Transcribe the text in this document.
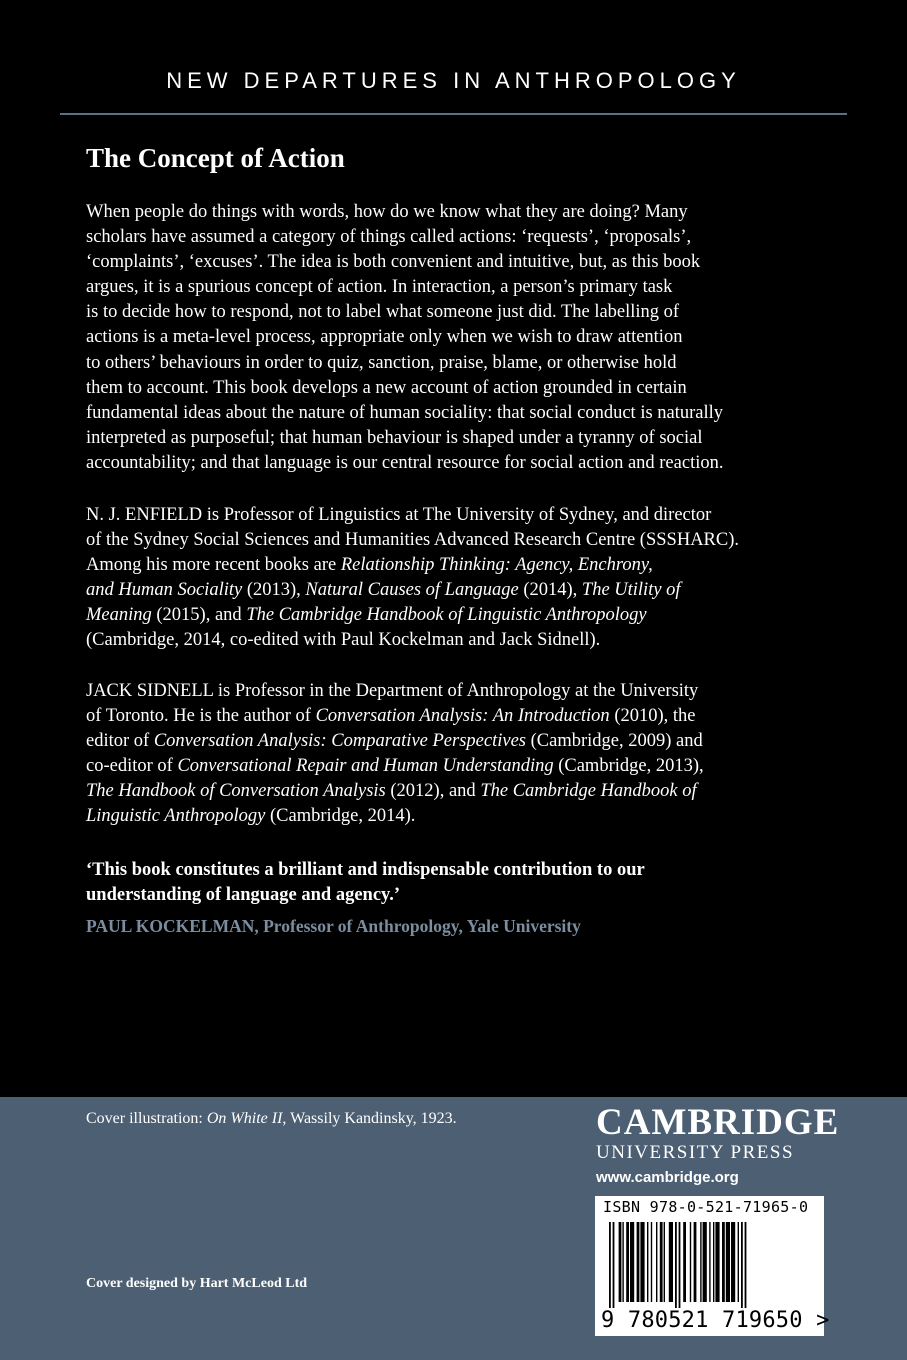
NEW DEPARTURES IN ANTHROPOLOGY
The Concept of Action
When people do things with words, how do we know what they are doing? Many
scholars have assumed a category of things called actions: ‘requests’, ‘proposals’,
‘complaints’, ‘excuses’. The idea is both convenient and intuitive, but, as this book
argues, it is a spurious concept of action. In interaction, a person’s primary task
is to decide how to respond, not to label what someone just did. The labelling of
actions is a meta-level process, appropriate only when we wish to draw attention
to others’ behaviours in order to quiz, sanction, praise, blame, or otherwise hold
them to account. This book develops a new account of action grounded in certain
fundamental ideas about the nature of human sociality: that social conduct is naturally
interpreted as purposeful; that human behaviour is shaped under a tyranny of social
accountability; and that language is our central resource for social action and reaction.
N. J. ENFIELD is Professor of Linguistics at The University of Sydney, and director
of the Sydney Social Sciences and Humanities Advanced Research Centre (SSSHARC).
Among his more recent books are Relationship Thinking: Agency, Enchrony,
and Human Sociality (2013), Natural Causes of Language (2014), The Utility of
Meaning (2015), and The Cambridge Handbook of Linguistic Anthropology
(Cambridge, 2014, co-edited with Paul Kockelman and Jack Sidnell).
JACK SIDNELL is Professor in the Department of Anthropology at the University
of Toronto. He is the author of Conversation Analysis: An Introduction (2010), the
editor of Conversation Analysis: Comparative Perspectives (Cambridge, 2009) and
co-editor of Conversational Repair and Human Understanding (Cambridge, 2013),
The Handbook of Conversation Analysis (2012), and The Cambridge Handbook of
Linguistic Anthropology (Cambridge, 2014).
‘This book constitutes a brilliant and indispensable contribution to our
understanding of language and agency.’
PAUL KOCKELMAN, Professor of Anthropology, Yale University
Cover illustration: On White II, Wassily Kandinsky, 1923.
Cover designed by Hart McLeod Ltd
CAMBRIDGE
UNIVERSITY PRESS
www.cambridge.org
ISBN 978-0-521-71965-0
9 780521 719650 >
